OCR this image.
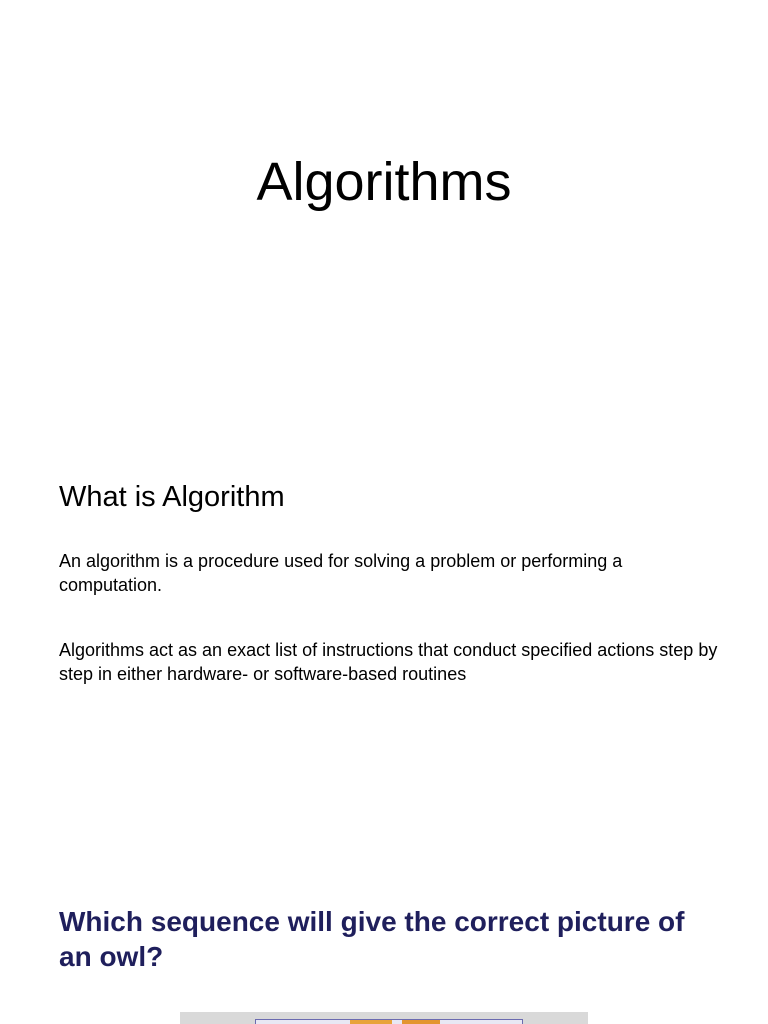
Algorithms
What is Algorithm

An algorithm is a procedure used for solving a problem or performing a computation.

Algorithms act as an exact list of instructions that conduct specified actions step by step in either hardware- or software-based routines

Which sequence will give the correct picture of an owl?
